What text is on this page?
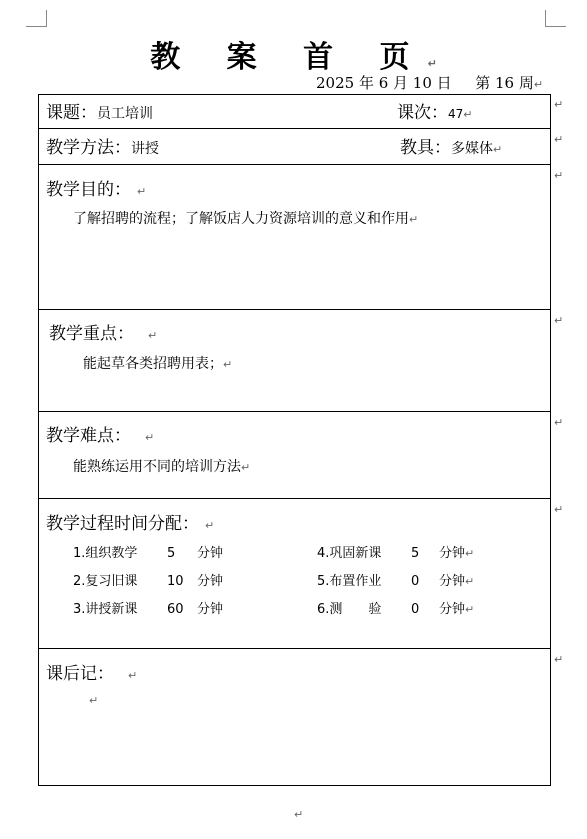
教 案 首 页↵
2025 年 6 月 10 日 第 16 周↵
课题：员工培训	课次：47↵
教学方法：讲授	教具：多媒体↵
教学目的： ↵
了解招聘的流程；了解饭店人力资源培训的意义和作用↵
教学重点： ↵
能起草各类招聘用表；↵
教学难点： ↵
能熟练运用不同的培训方法↵
教学过程时间分配： ↵
1.组织教学 5 分钟
2.复习旧课 10 分钟
3.讲授新课 60 分钟
4.巩固新课 5 分钟↵
5.布置作业 0 分钟↵
6.测　　验 0 分钟↵
课后记： ↵
↵
↵
↵
↵
↵
↵
↵
↵
↵
